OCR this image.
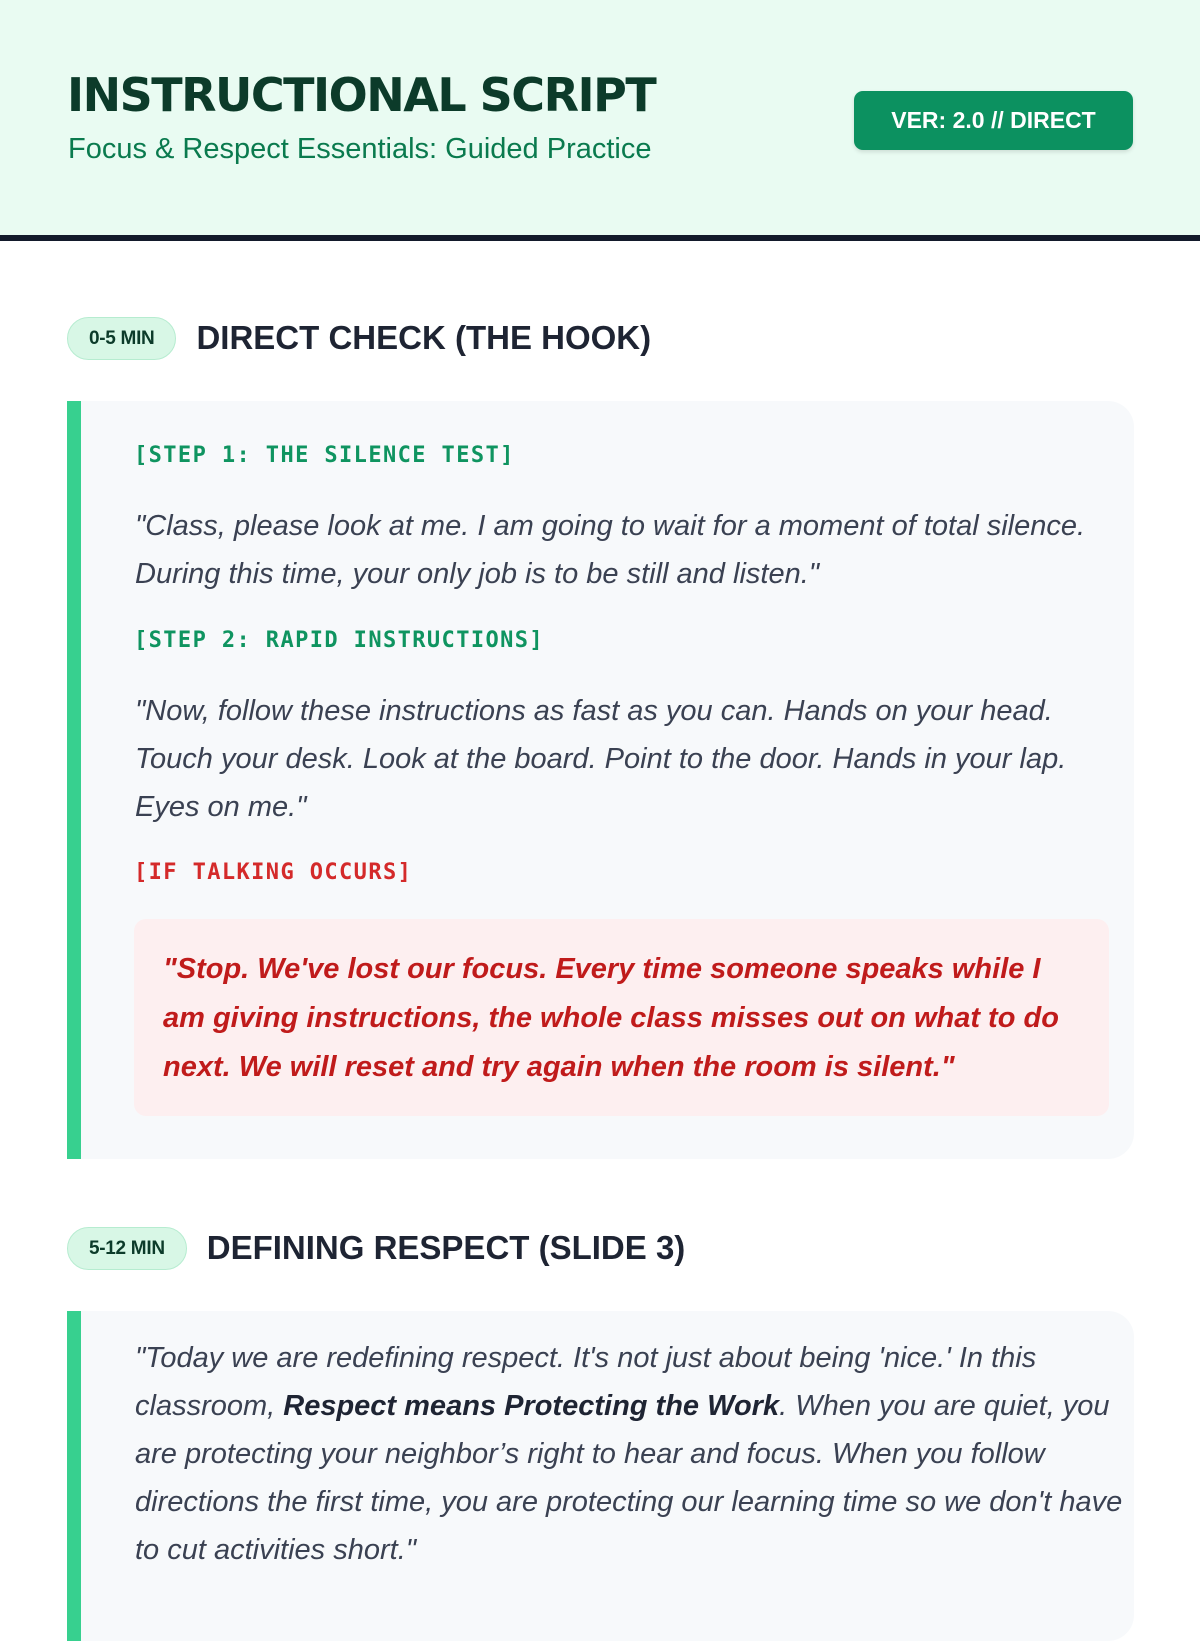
INSTRUCTIONAL SCRIPT
Focus & Respect Essentials: Guided Practice
VER: 2.0 // DIRECT
0-5 MIN	DIRECT CHECK (THE HOOK)
[STEP 1: THE SILENCE TEST]
"Class, please look at me. I am going to wait for a moment of total silence. During this time, your only job is to be still and listen."
[STEP 2: RAPID INSTRUCTIONS]
"Now, follow these instructions as fast as you can. Hands on your head. Touch your desk. Look at the board. Point to the door. Hands in your lap. Eyes on me."
[IF TALKING OCCURS]
"Stop. We've lost our focus. Every time someone speaks while I am giving instructions, the whole class misses out on what to do next. We will reset and try again when the room is silent."
5-12 MIN	DEFINING RESPECT (SLIDE 3)
"Today we are redefining respect. It's not just about being 'nice.' In this classroom, Respect means Protecting the Work. When you are quiet, you are protecting your neighbor’s right to hear and focus. When you follow directions the first time, you are protecting our learning time so we don't have to cut activities short."
